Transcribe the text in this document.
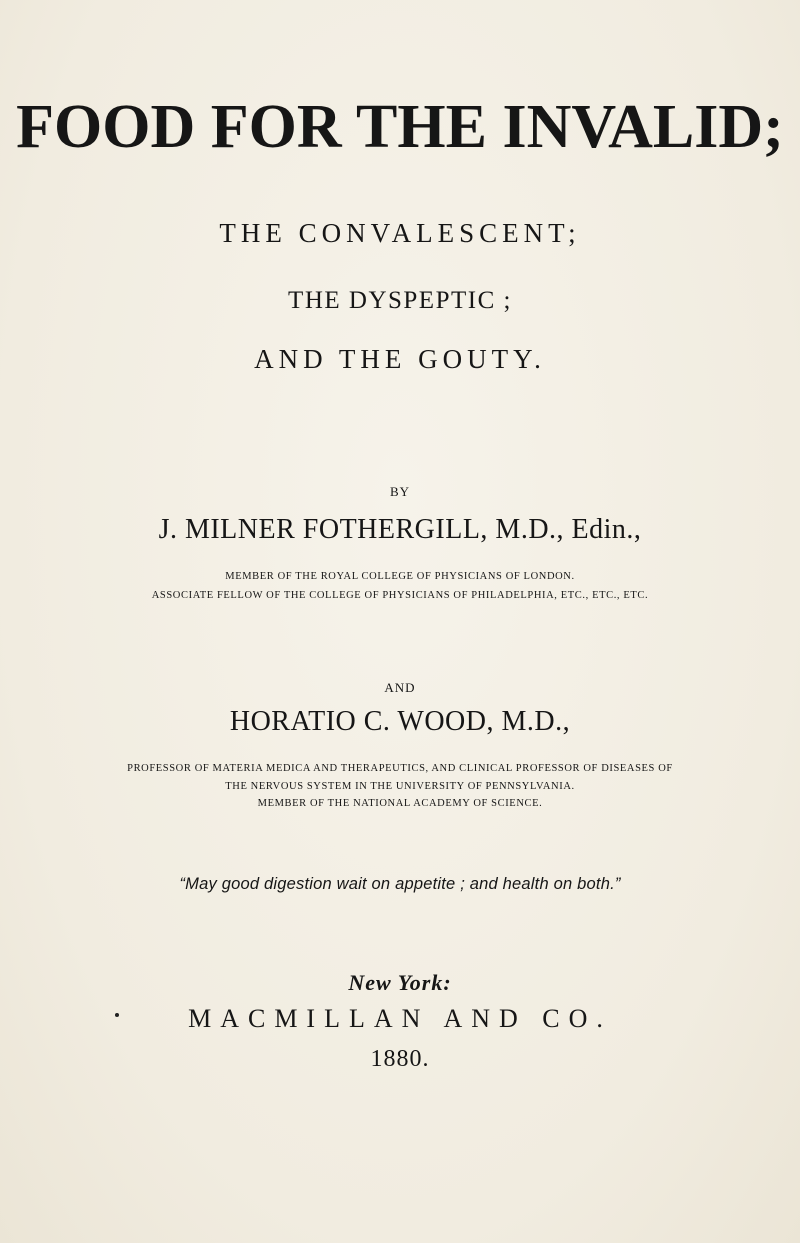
FOOD FOR THE INVALID;
THE CONVALESCENT;
THE DYSPEPTIC ;
AND THE GOUTY.
BY
J. MILNER FOTHERGILL, M.D., Edin.,
MEMBER OF THE ROYAL COLLEGE OF PHYSICIANS OF LONDON.
ASSOCIATE FELLOW OF THE COLLEGE OF PHYSICIANS OF PHILADELPHIA, ETC., ETC., ETC.
AND
HORATIO C. WOOD, M.D.,
PROFESSOR OF MATERIA MEDICA AND THERAPEUTICS, AND CLINICAL PROFESSOR OF DISEASES OF
THE NERVOUS SYSTEM IN THE UNIVERSITY OF PENNSYLVANIA.
MEMBER OF THE NATIONAL ACADEMY OF SCIENCE.
“May good digestion wait on appetite ; and health on both.”
New York:
MACMILLAN AND CO.
1880.
